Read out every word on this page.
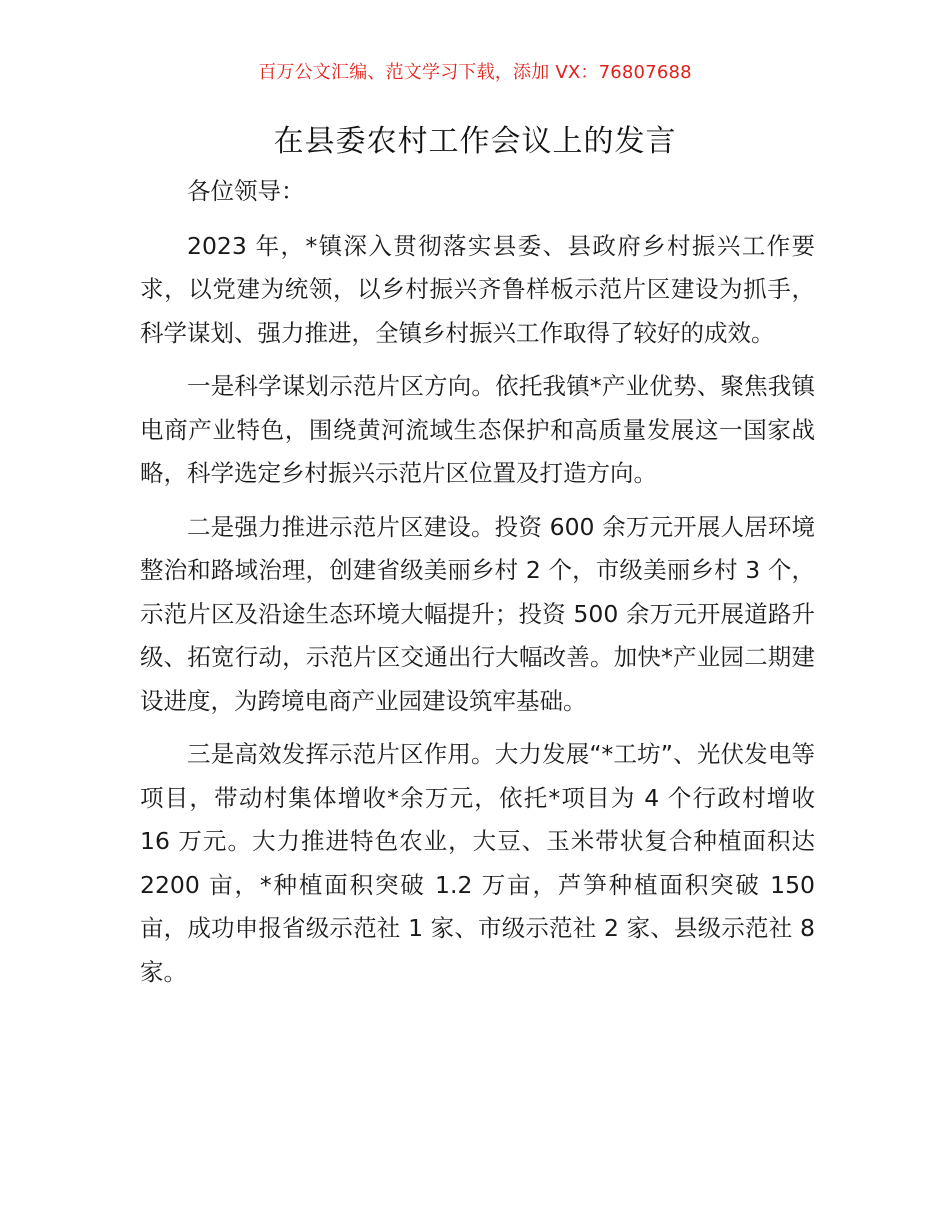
百万公文汇编、范文学习下载，添加 VX：76807688
在县委农村工作会议上的发言

各位领导：

2023 年，*镇深入贯彻落实县委、县政府乡村振兴工作要求，以党建为统领，以乡村振兴齐鲁样板示范片区建设为抓手，科学谋划、强力推进，全镇乡村振兴工作取得了较好的成效。

一是科学谋划示范片区方向。依托我镇*产业优势、聚焦我镇电商产业特色，围绕黄河流域生态保护和高质量发展这一国家战略，科学选定乡村振兴示范片区位置及打造方向。

二是强力推进示范片区建设。投资 600 余万元开展人居环境整治和路域治理，创建省级美丽乡村 2 个，市级美丽乡村 3 个，示范片区及沿途生态环境大幅提升；投资 500 余万元开展道路升级、拓宽行动，示范片区交通出行大幅改善。加快*产业园二期建设进度，为跨境电商产业园建设筑牢基础。

三是高效发挥示范片区作用。大力发展“*工坊”、光伏发电等项目，带动村集体增收*余万元，依托*项目为 4 个行政村增收 16 万元。大力推进特色农业，大豆、玉米带状复合种植面积达 2200 亩，*种植面积突破 1.2 万亩，芦笋种植面积突破 150 亩，成功申报省级示范社 1 家、市级示范社 2 家、县级示范社 8 家。
